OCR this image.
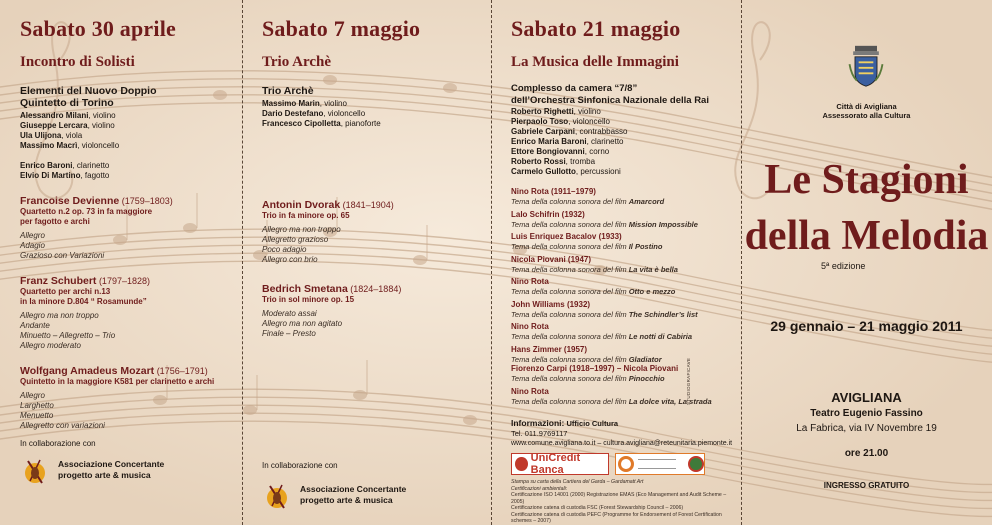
Sabato 30 aprile
Incontro di Solisti
Elementi del Nuovo Doppio
Quintetto di Torino
Alessandro Milani, violino
Giuseppe Lercara, violino
Ula Ulijona, viola
Massimo Macrì, violoncello
Enrico Baroni, clarinetto
Elvio Di Martino, fagotto
Francoise Devienne (1759–1803)
Quartetto n.2 op. 73 in fa maggiore
per fagotto e archi
Allegro
Adagio
Grazioso con Variazioni
Franz Schubert (1797–1828)
Quartetto per archi n.13
in la minore D.804 “ Rosamunde”
Allegro ma non troppo
Andante
Minuetto – Allegretto – Trio
Allegro moderato
Wolfgang Amadeus Mozart (1756–1791)
Quintetto in la maggiore K581 per clarinetto e archi
Allegro
Larghetto
Menuetto
Allegretto con variazioni
In collaborazione con
Associazione Concertante
progetto arte & musica
Sabato 7 maggio
Trio Archè
Trio Archè
Massimo Marin, violino
Dario Destefano, violoncello
Francesco Cipolletta, pianoforte
Antonin Dvorak (1841–1904)
Trio in fa minore op. 65
Allegro ma non troppo
Allegretto grazioso
Poco adagio
Allegro con brio
Bedrich Smetana (1824–1884)
Trio in sol minore op. 15
Moderato assai
Allegro ma non agitato
Finale – Presto
In collaborazione con
Associazione Concertante
progetto arte & musica
Sabato 21 maggio
La Musica delle Immagini
Complesso da camera “7/8”
dell’Orchestra Sinfonica Nazionale della Rai
Roberto Righetti, violino
Pierpaolo Toso, violoncello
Gabriele Carpani, contrabbasso
Enrico Maria Baroni, clarinetto
Ettore Bongiovanni, corno
Roberto Rossi, tromba
Carmelo Gullotto, percussioni
Nino Rota (1911–1979)
Tema della colonna sonora del film Amarcord
Lalo Schifrin (1932)
Tema della colonna sonora del film Mission Impossible
Luis Enriquez Bacalov (1933)
Tema della colonna sonora del film Il Postino
Nicola Piovani (1947)
Tema della colonna sonora del film La vita è bella
Nino Rota
Tema della colonna sonora del film Otto e mezzo
John Williams (1932)
Tema della colonna sonora del film The Schindler’s list
Nino Rota
Tema della colonna sonora del film Le notti di Cabiria
Hans Zimmer (1957)
Tema della colonna sonora del film Gladiator
Fiorenzo Carpi (1918–1997) – Nicola Piovani
Tema della colonna sonora del film Pinocchio
Nino Rota
Tema della colonna sonora del film La dolce vita, La strada
Informazioni: Ufficio Cultura
Tel. 011.9769117
www.comune.avigliana.to.it – cultura.avigliana@reteunitaria.piemonte.it
UniCredit Banca
Stampa su carta della Cartiera del Garda – Gardamatt Art
Certificazioni ambientali:
Certificazione ISO 14001 (2000) Registrazione EMAS (Eco Management and Audit Scheme – 2005)
Certificazione catena di custodia FSC (Forest Stewardship Council – 2006)
Certificazione catena di custodia PEFC (Programme for Endorsement of Forest Certification schemes – 2007)
STUDIOGRAFICAVE
Città di Avigliana
Assessorato alla Cultura
Le Stagioni
della Melodia
5ª edizione
29 gennaio – 21 maggio 2011
AVIGLIANA
Teatro Eugenio Fassino
La Fabrica, via IV Novembre 19
ore 21.00
INGRESSO GRATUITO
